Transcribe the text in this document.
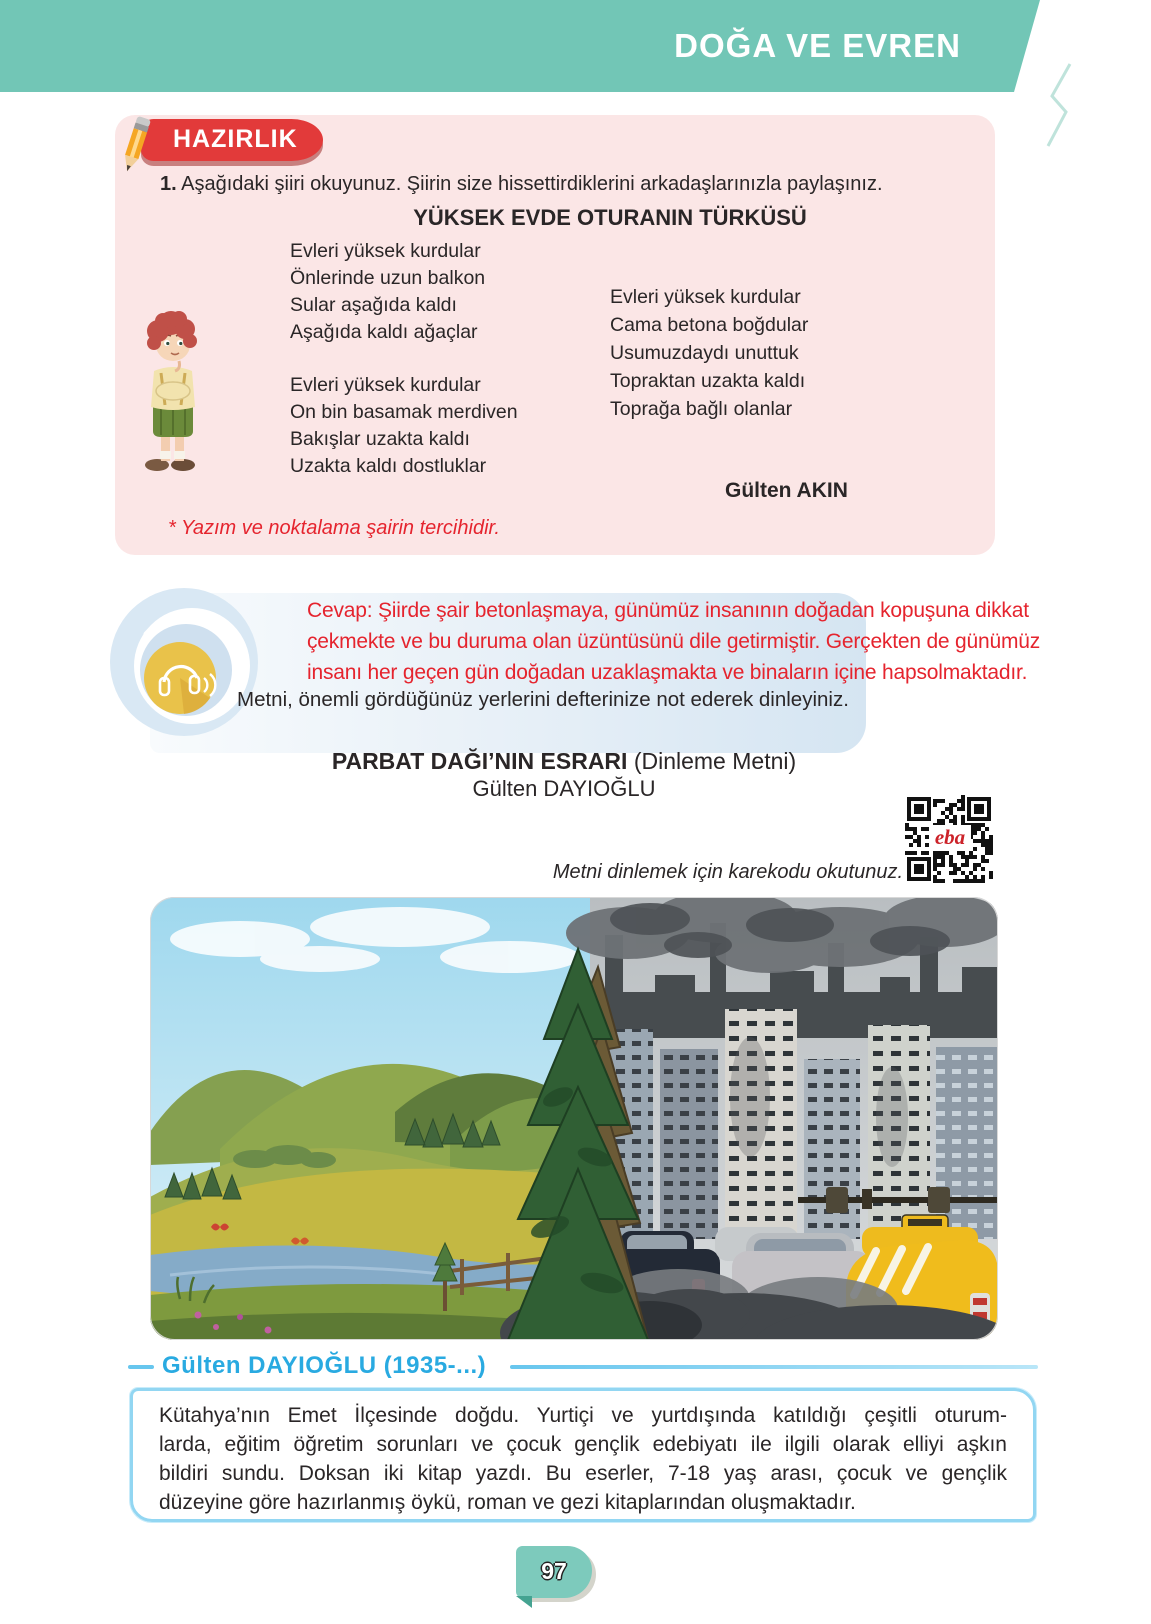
DOĞA VE EVREN
HAZIRLIK
1. Aşağıdaki şiiri okuyunuz. Şiirin size hissettirdiklerini arkadaşlarınızla paylaşınız.
YÜKSEK EVDE OTURANIN TÜRKÜSÜ
Evleri yüksek kurdular
Önlerinde uzun balkon
Sular aşağıda kaldı
Aşağıda kaldı ağaçlar
Evleri yüksek kurdular
On bin basamak merdiven
Bakışlar uzakta kaldı
Uzakta kaldı dostluklar
Evleri yüksek kurdular
Cama betona boğdular
Usumuzdaydı unuttuk
Topraktan uzakta kaldı
Toprağa bağlı olanlar
Gülten AKIN
* Yazım ve noktalama şairin tercihidir.
Cevap: Şiirde şair betonlaşmaya, günümüz insanının doğadan kopuşuna dikkat
çekmekte ve bu duruma olan üzüntüsünü dile getirmiştir. Gerçekten de günümüz
insanı her geçen gün doğadan uzaklaşmakta ve binaların içine hapsolmaktadır.
Metni, önemli gördüğünüz yerlerini defterinize not ederek dinleyiniz.
PARBAT DAĞI’NIN ESRARI (Dinleme Metni)
Gülten DAYIOĞLU
eba
Metni dinlemek için karekodu okutunuz.
Gülten DAYIOĞLU (1935-...)
Kütahya’nın Emet İlçesinde doğdu. Yurtiçi ve yurtdışında katıldığı çeşitli oturum-
larda, eğitim öğretim sorunları ve çocuk gençlik edebiyatı ile ilgili olarak elliyi aşkın
bildiri sundu. Doksan iki kitap yazdı. Bu eserler, 7-18 yaş arası, çocuk ve gençlik
düzeyine göre hazırlanmış öykü, roman ve gezi kitaplarından oluşmaktadır.
97
